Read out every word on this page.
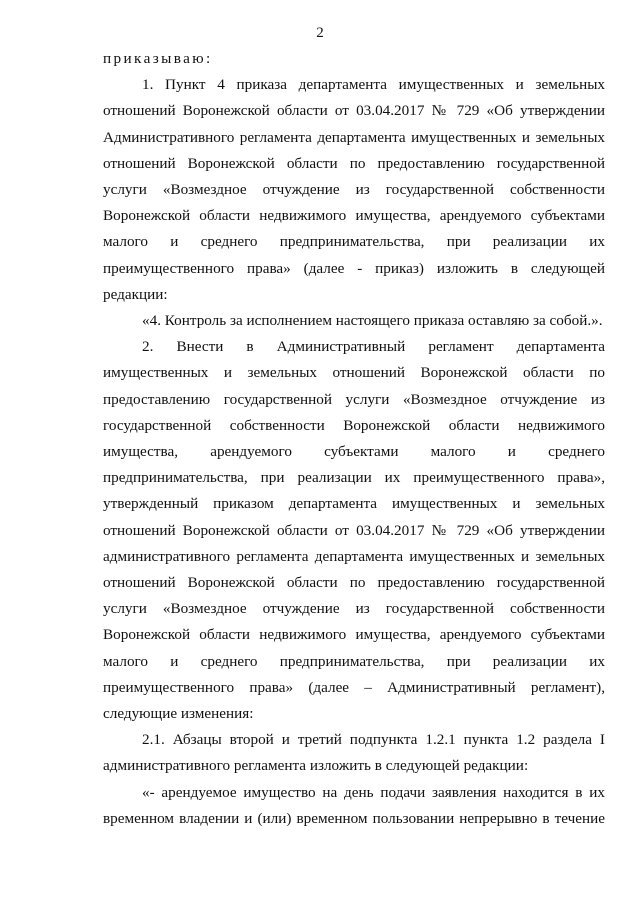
2

приказываю:

1. Пункт 4 приказа департамента имущественных и земельных отношений Воронежской области от 03.04.2017 № 729 «Об утверждении Административного регламента департамента имущественных и земельных отношений Воронежской области по предоставлению государственной услуги «Возмездное отчуждение из государственной собственности Воронежской области недвижимого имущества, арендуемого субъектами малого и среднего предпринимательства, при реализации их преимущественного права» (далее - приказ) изложить в следующей редакции:

«4. Контроль за исполнением настоящего приказа оставляю за собой.».

2. Внести в Административный регламент департамента имущественных и земельных отношений Воронежской области по предоставлению государственной услуги «Возмездное отчуждение из государственной собственности Воронежской области недвижимого имущества, арендуемого субъектами малого и среднего предпринимательства, при реализации их преимущественного права», утвержденный приказом департамента имущественных и земельных отношений Воронежской области от 03.04.2017 № 729 «Об утверждении административного регламента департамента имущественных и земельных отношений Воронежской области по предоставлению государственной услуги «Возмездное отчуждение из государственной собственности Воронежской области недвижимого имущества, арендуемого субъектами малого и среднего предпринимательства, при реализации их преимущественного права» (далее – Административный регламент), следующие изменения:

2.1. Абзацы второй и третий подпункта 1.2.1 пункта 1.2 раздела I административного регламента изложить в следующей редакции:

«- арендуемое имущество на день подачи заявления находится в их временном владении и (или) временном пользовании непрерывно в течение
